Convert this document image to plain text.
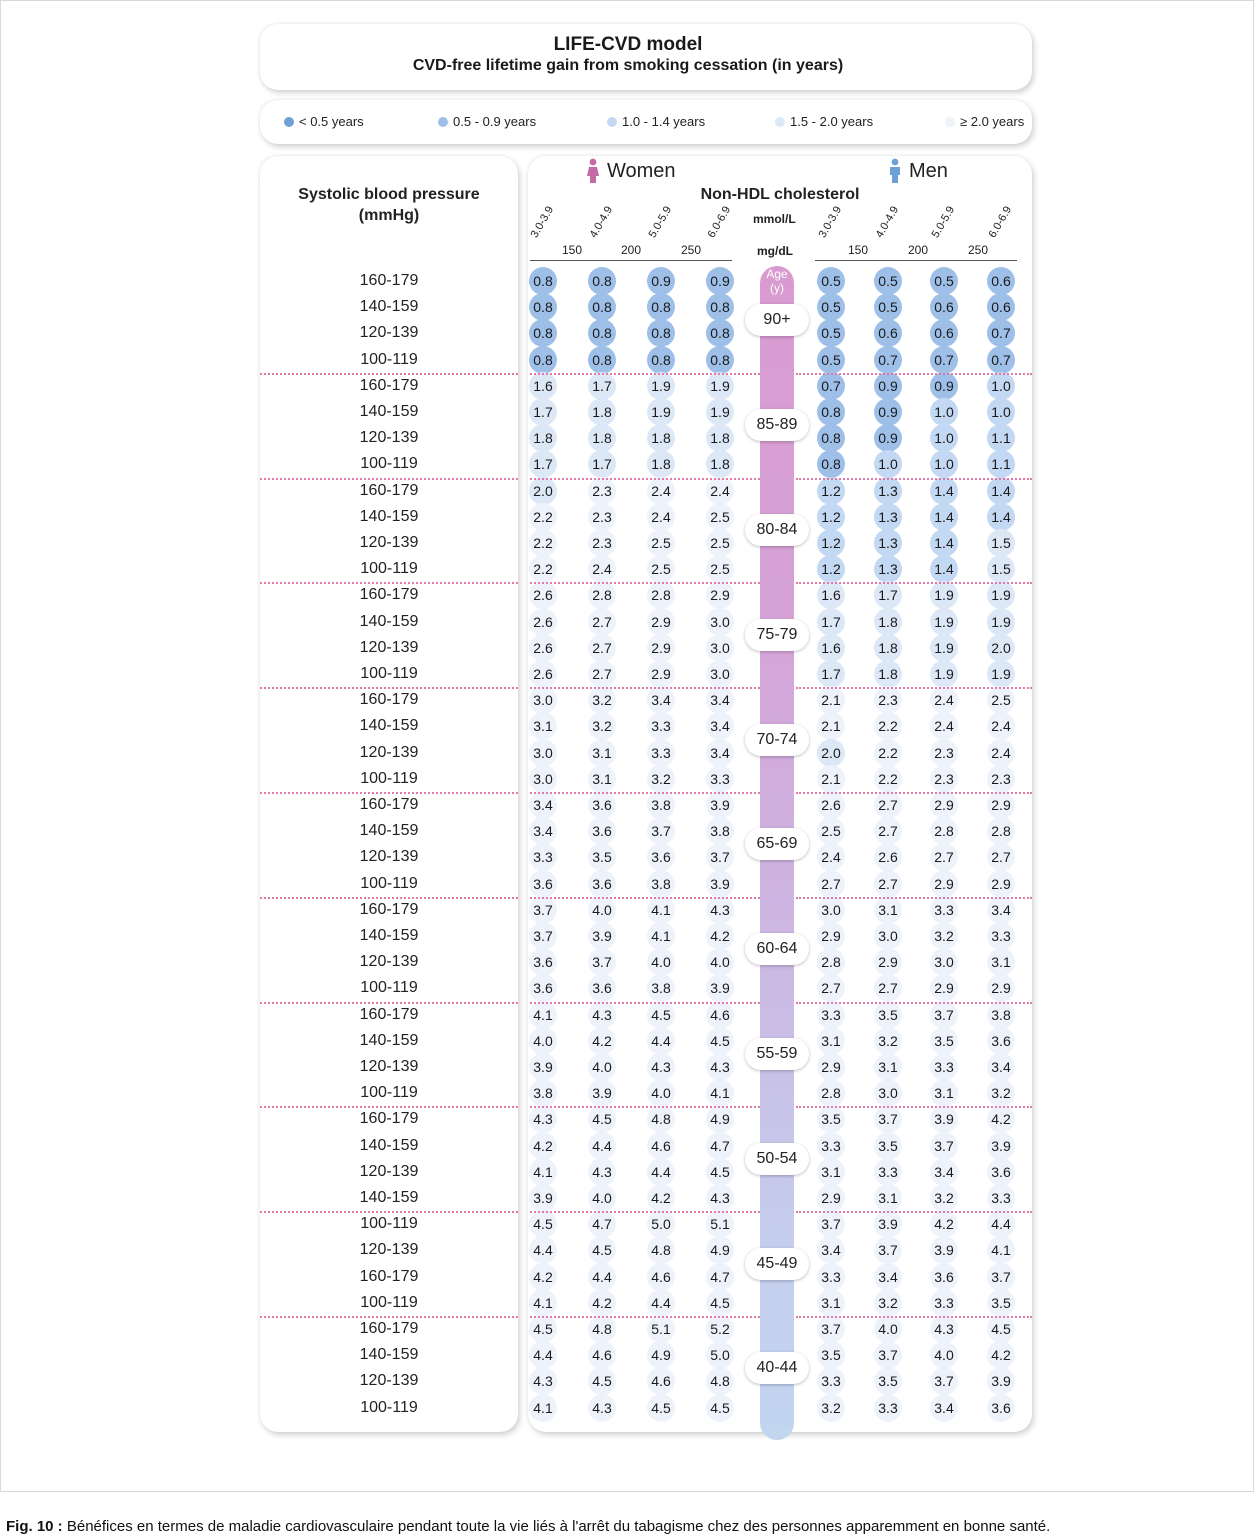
LIFE-CVD model
CVD-free lifetime gain from smoking cessation (in years)
< 0.5 years	0.5 - 0.9 years	1.0 - 1.4 years	1.5 - 2.0 years	≥ 2.0 years
Systolic blood pressure
(mmHg)
Women	Men
Non-HDL cholesterol
mmol/L
mg/dL
3.0-3.9	4.0-4.9	5.0-5.9	6.0-6.9
150	200	250
3.0-3.9	4.0-4.9	5.0-5.9	6.0-6.9
150	200	250
Age
(y)
160-179	0.8	0.8	0.9	0.9	0.5	0.5	0.5	0.6
140-159	0.8	0.8	0.8	0.8	0.5	0.5	0.6	0.6
120-139	0.8	0.8	0.8	0.8	0.5	0.6	0.6	0.7
100-119	0.8	0.8	0.8	0.8	0.5	0.7	0.7	0.7
90+
160-179	1.6	1.7	1.9	1.9	0.7	0.9	0.9	1.0
140-159	1.7	1.8	1.9	1.9	0.8	0.9	1.0	1.0
120-139	1.8	1.8	1.8	1.8	0.8	0.9	1.0	1.1
100-119	1.7	1.7	1.8	1.8	0.8	1.0	1.0	1.1
85-89
160-179	2.0	2.3	2.4	2.4	1.2	1.3	1.4	1.4
140-159	2.2	2.3	2.4	2.5	1.2	1.3	1.4	1.4
120-139	2.2	2.3	2.5	2.5	1.2	1.3	1.4	1.5
100-119	2.2	2.4	2.5	2.5	1.2	1.3	1.4	1.5
80-84
160-179	2.6	2.8	2.8	2.9	1.6	1.7	1.9	1.9
140-159	2.6	2.7	2.9	3.0	1.7	1.8	1.9	1.9
120-139	2.6	2.7	2.9	3.0	1.6	1.8	1.9	2.0
100-119	2.6	2.7	2.9	3.0	1.7	1.8	1.9	1.9
75-79
160-179	3.0	3.2	3.4	3.4	2.1	2.3	2.4	2.5
140-159	3.1	3.2	3.3	3.4	2.1	2.2	2.4	2.4
120-139	3.0	3.1	3.3	3.4	2.0	2.2	2.3	2.4
100-119	3.0	3.1	3.2	3.3	2.1	2.2	2.3	2.3
70-74
160-179	3.4	3.6	3.8	3.9	2.6	2.7	2.9	2.9
140-159	3.4	3.6	3.7	3.8	2.5	2.7	2.8	2.8
120-139	3.3	3.5	3.6	3.7	2.4	2.6	2.7	2.7
100-119	3.6	3.6	3.8	3.9	2.7	2.7	2.9	2.9
65-69
160-179	3.7	4.0	4.1	4.3	3.0	3.1	3.3	3.4
140-159	3.7	3.9	4.1	4.2	2.9	3.0	3.2	3.3
120-139	3.6	3.7	4.0	4.0	2.8	2.9	3.0	3.1
100-119	3.6	3.6	3.8	3.9	2.7	2.7	2.9	2.9
60-64
160-179	4.1	4.3	4.5	4.6	3.3	3.5	3.7	3.8
140-159	4.0	4.2	4.4	4.5	3.1	3.2	3.5	3.6
120-139	3.9	4.0	4.3	4.3	2.9	3.1	3.3	3.4
100-119	3.8	3.9	4.0	4.1	2.8	3.0	3.1	3.2
55-59
160-179	4.3	4.5	4.8	4.9	3.5	3.7	3.9	4.2
140-159	4.2	4.4	4.6	4.7	3.3	3.5	3.7	3.9
120-139	4.1	4.3	4.4	4.5	3.1	3.3	3.4	3.6
140-159	3.9	4.0	4.2	4.3	2.9	3.1	3.2	3.3
50-54
100-119	4.5	4.7	5.0	5.1	3.7	3.9	4.2	4.4
120-139	4.4	4.5	4.8	4.9	3.4	3.7	3.9	4.1
160-179	4.2	4.4	4.6	4.7	3.3	3.4	3.6	3.7
100-119	4.1	4.2	4.4	4.5	3.1	3.2	3.3	3.5
45-49
160-179	4.5	4.8	5.1	5.2	3.7	4.0	4.3	4.5
140-159	4.4	4.6	4.9	5.0	3.5	3.7	4.0	4.2
120-139	4.3	4.5	4.6	4.8	3.3	3.5	3.7	3.9
100-119	4.1	4.3	4.5	4.5	3.2	3.3	3.4	3.6
40-44
Fig. 10 : Bénéfices en termes de maladie cardiovasculaire pendant toute la vie liés à l'arrêt du tabagisme chez des personnes apparemment en bonne santé.
